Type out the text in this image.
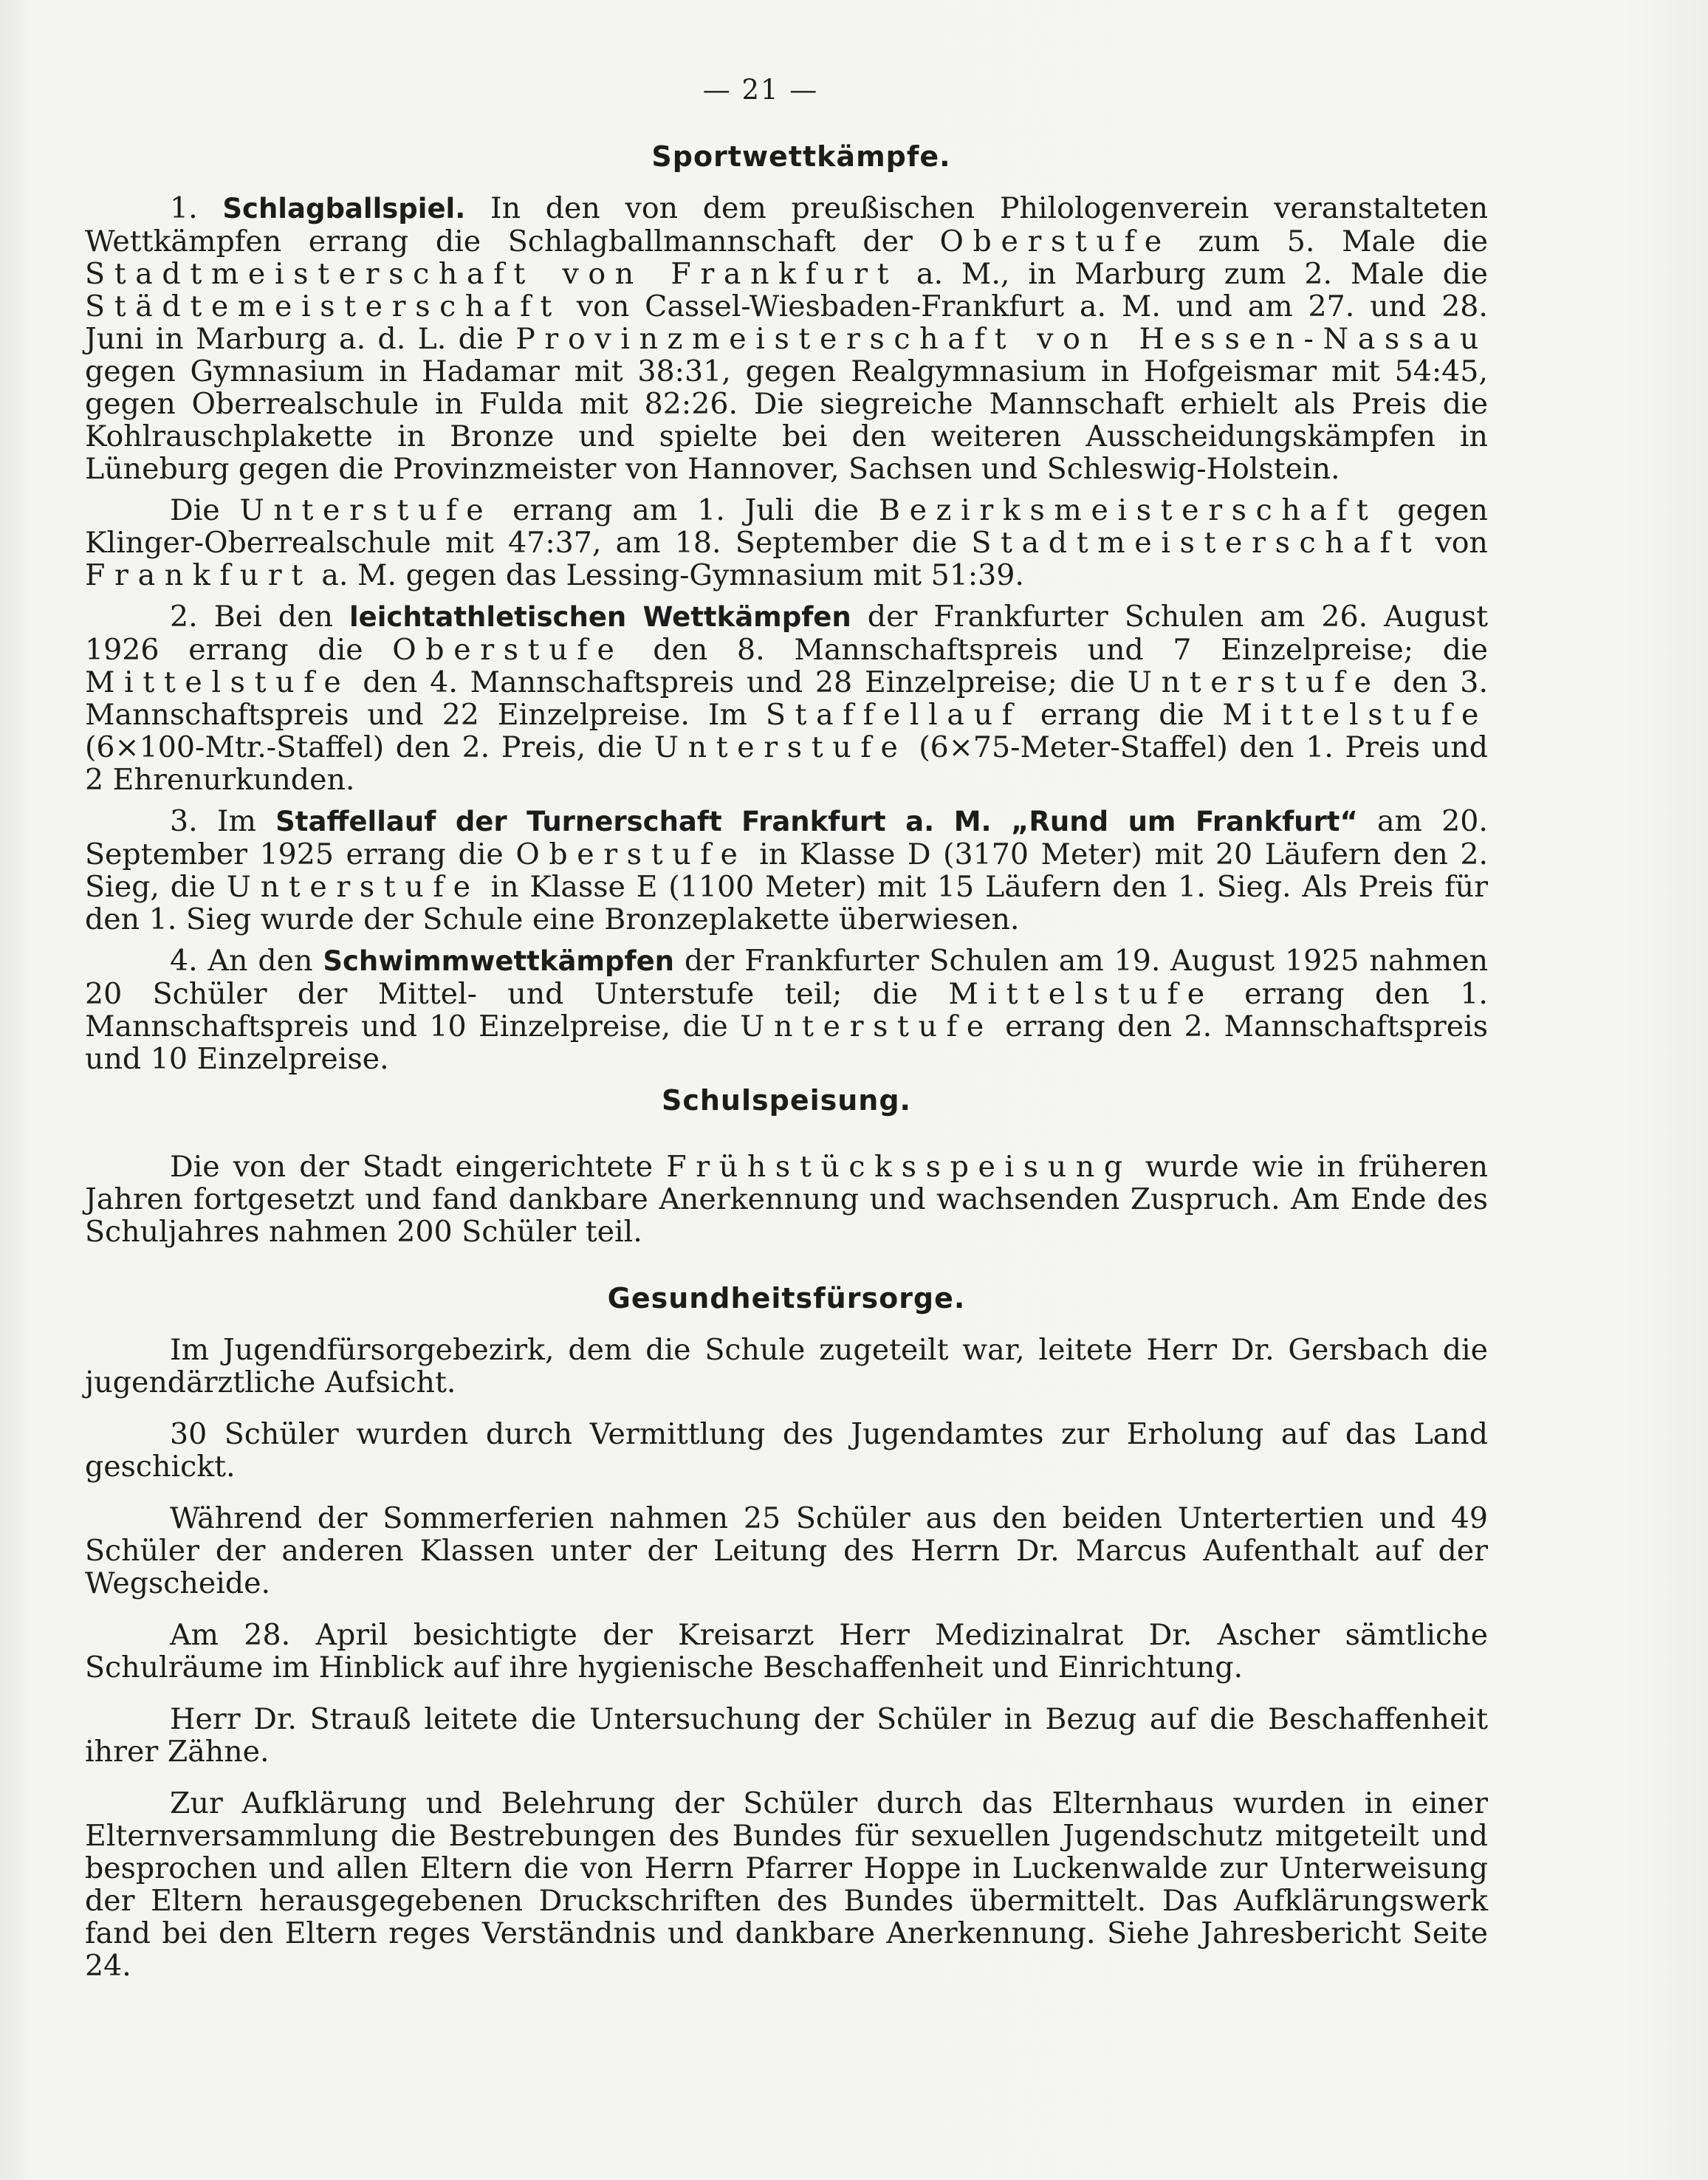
— 21 —
Sportwettkämpfe.

1. Schlagballspiel. In den von dem preußischen Philologenverein veranstalteten Wettkämpfen errang die Schlagballmannschaft der Oberstufe zum 5. Male die Stadtmeisterschaft von Frankfurt a. M., in Marburg zum 2. Male die Städtemeisterschaft von Cassel-Wiesbaden-Frankfurt a. M. und am 27. und 28. Juni in Marburg a. d. L. die Provinzmeisterschaft von Hessen-Nassau gegen Gymnasium in Hadamar mit 38:31, gegen Realgymnasium in Hofgeismar mit 54:45, gegen Oberrealschule in Fulda mit 82:26. Die siegreiche Mannschaft erhielt als Preis die Kohlrauschplakette in Bronze und spielte bei den weiteren Ausscheidungskämpfen in Lüneburg gegen die Provinzmeister von Hannover, Sachsen und Schleswig-Holstein.

Die Unterstufe errang am 1. Juli die Bezirksmeisterschaft gegen Klinger-Oberrealschule mit 47:37, am 18. September die Stadtmeisterschaft von Frankfurt a. M. gegen das Lessing-Gymnasium mit 51:39.

2. Bei den leichtathletischen Wettkämpfen der Frankfurter Schulen am 26. August 1926 errang die Oberstufe den 8. Mannschaftspreis und 7 Einzelpreise; die Mittelstufe den 4. Mannschaftspreis und 28 Einzelpreise; die Unterstufe den 3. Mannschaftspreis und 22 Einzelpreise. Im Staffellauf errang die Mittelstufe (6×100-Mtr.-Staffel) den 2. Preis, die Unterstufe (6×75-Meter-Staffel) den 1. Preis und 2 Ehrenurkunden.

3. Im Staffellauf der Turnerschaft Frankfurt a. M. „Rund um Frankfurt“ am 20. September 1925 errang die Oberstufe in Klasse D (3170 Meter) mit 20 Läufern den 2. Sieg, die Unterstufe in Klasse E (1100 Meter) mit 15 Läufern den 1. Sieg. Als Preis für den 1. Sieg wurde der Schule eine Bronzeplakette überwiesen.

4. An den Schwimmwettkämpfen der Frankfurter Schulen am 19. August 1925 nahmen 20 Schüler der Mittel- und Unterstufe teil; die Mittelstufe errang den 1. Mannschaftspreis und 10 Einzelpreise, die Unterstufe errang den 2. Mannschaftspreis und 10 Einzelpreise.

Schulspeisung.

Die von der Stadt eingerichtete Frühstücksspeisung wurde wie in früheren Jahren fortgesetzt und fand dankbare Anerkennung und wachsenden Zuspruch. Am Ende des Schuljahres nahmen 200 Schüler teil.

Gesundheitsfürsorge.

Im Jugendfürsorgebezirk, dem die Schule zugeteilt war, leitete Herr Dr. Gersbach die jugendärztliche Aufsicht.

30 Schüler wurden durch Vermittlung des Jugendamtes zur Erholung auf das Land geschickt.

Während der Sommerferien nahmen 25 Schüler aus den beiden Untertertien und 49 Schüler der anderen Klassen unter der Leitung des Herrn Dr. Marcus Aufenthalt auf der Wegscheide.

Am 28. April besichtigte der Kreisarzt Herr Medizinalrat Dr. Ascher sämtliche Schulräume im Hinblick auf ihre hygienische Beschaffenheit und Einrichtung.

Herr Dr. Strauß leitete die Untersuchung der Schüler in Bezug auf die Beschaffenheit ihrer Zähne.

Zur Aufklärung und Belehrung der Schüler durch das Elternhaus wurden in einer Elternversammlung die Bestrebungen des Bundes für sexuellen Jugendschutz mitgeteilt und besprochen und allen Eltern die von Herrn Pfarrer Hoppe in Luckenwalde zur Unterweisung der Eltern herausgegebenen Druckschriften des Bundes übermittelt. Das Aufklärungswerk fand bei den Eltern reges Verständnis und dankbare Anerkennung. Siehe Jahresbericht Seite 24.
